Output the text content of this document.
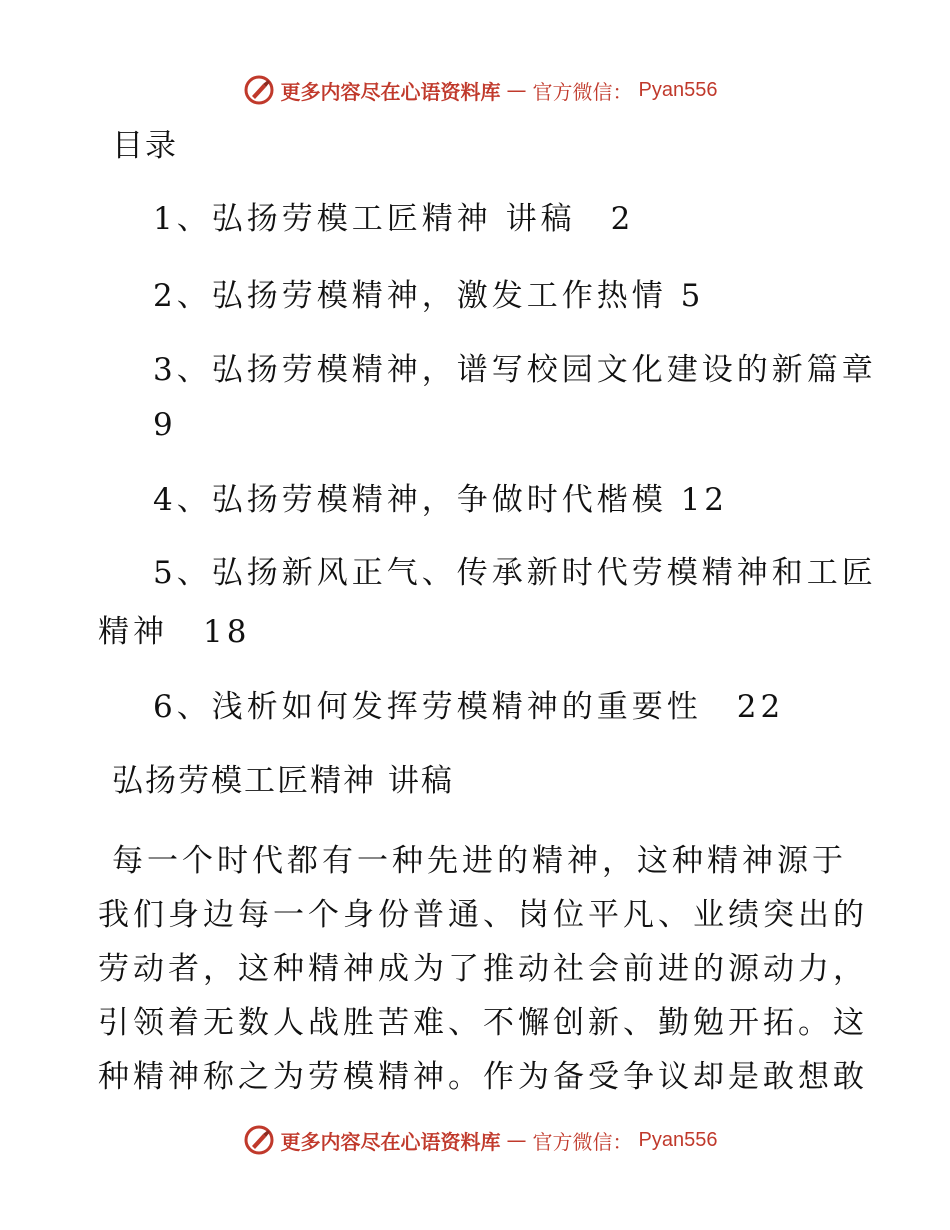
更多内容尽在心语资料库 — 官方微信： Pyan556
目录
1、弘扬劳模工匠精神 讲稿　2
2、弘扬劳模精神，激发工作热情 5
3、弘扬劳模精神，谱写校园文化建设的新篇章
9
4、弘扬劳模精神，争做时代楷模 12
5、弘扬新风正气、传承新时代劳模精神和工匠
精神　18
6、浅析如何发挥劳模精神的重要性　22
弘扬劳模工匠精神 讲稿
每一个时代都有一种先进的精神，这种精神源于
我们身边每一个身份普通、岗位平凡、业绩突出的
劳动者，这种精神成为了推动社会前进的源动力，
引领着无数人战胜苦难、不懈创新、勤勉开拓。这
种精神称之为劳模精神。作为备受争议却是敢想敢
更多内容尽在心语资料库 — 官方微信： Pyan556
